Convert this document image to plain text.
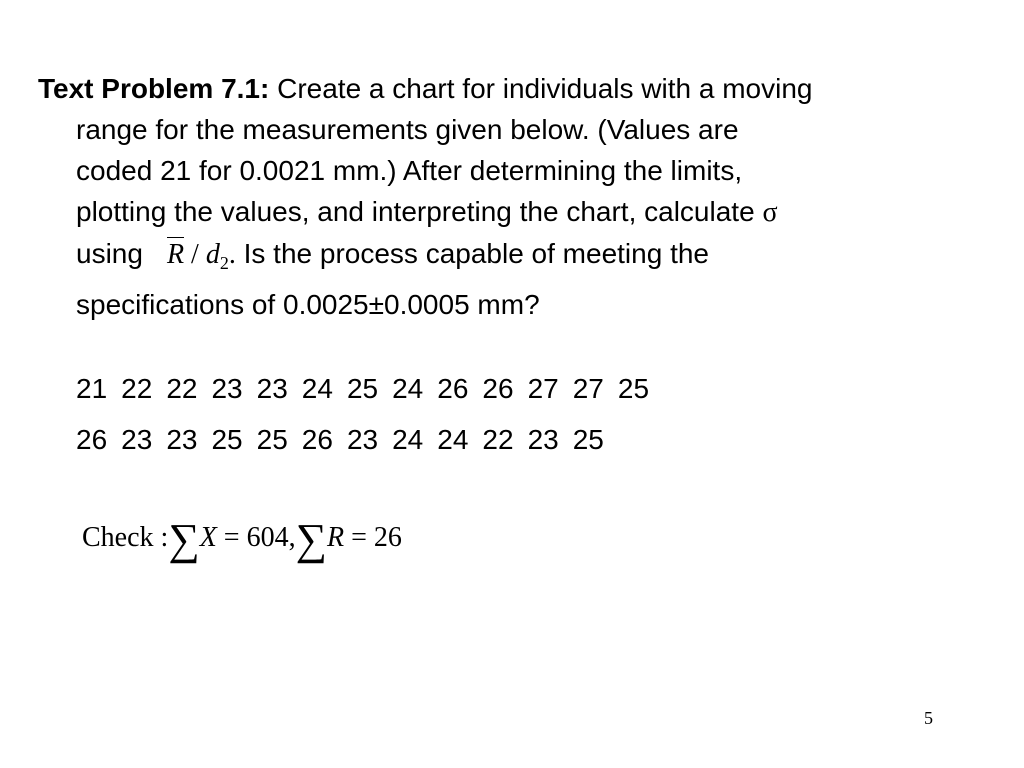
Text Problem 7.1: Create a chart for individuals with a moving
range for the measurements given below. (Values are
coded 21 for 0.0021 mm.) After determining the limits,
plotting the values, and interpreting the chart, calculate σ
using R / $d_2$. Is the process capable of meeting the
specifications of 0.0025±0.0005 mm?
21 22 22 23 23 24 25 24 26 26 27 27 25
26 23 23 25 25 26 23 24 24 22 23 25
Check :∑X = 604,∑R = 26
5
